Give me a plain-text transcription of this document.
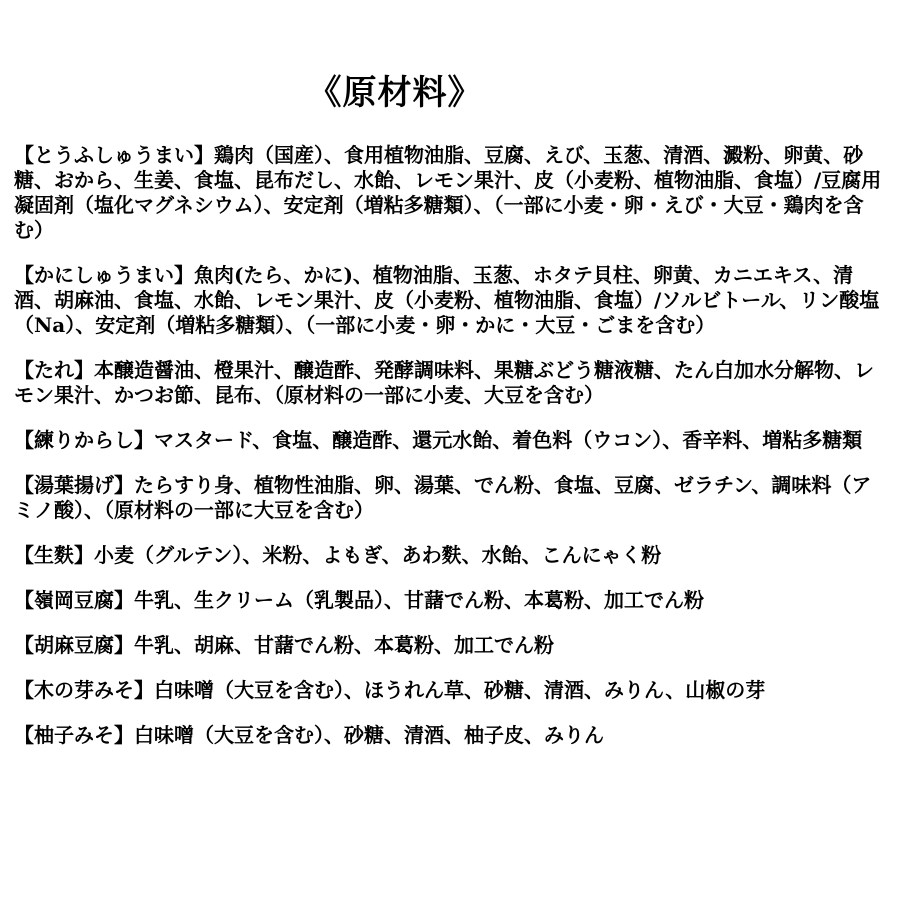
《原材料》
【とうふしゅうまい】鶏肉（国産）、食用植物油脂、豆腐、えび、玉葱、清酒、澱粉、卵黄、砂糖、おから、生姜、食塩、昆布だし、水飴、レモン果汁、皮（小麦粉、植物油脂、食塩）/豆腐用凝固剤（塩化マグネシウム）、安定剤（増粘多糖類）、（一部に小麦・卵・えび・大豆・鶏肉を含む）
【かにしゅうまい】魚肉(たら、かに)、植物油脂、玉葱、ホタテ貝柱、卵黄、カニエキス、清酒、胡麻油、食塩、水飴、レモン果汁、皮（小麦粉、植物油脂、食塩）/ソルビトール、リン酸塩（Na）、安定剤（増粘多糖類）、（一部に小麦・卵・かに・大豆・ごまを含む）
【たれ】本醸造醤油、橙果汁、醸造酢、発酵調味料、果糖ぶどう糖液糖、たん白加水分解物、レモン果汁、かつお節、昆布、（原材料の一部に小麦、大豆を含む）
【練りからし】マスタード、食塩、醸造酢、還元水飴、着色料（ウコン）、香辛料、増粘多糖類
【湯葉揚げ】たらすり身、植物性油脂、卵、湯葉、でん粉、食塩、豆腐、ゼラチン、調味料（アミノ酸）、（原材料の一部に大豆を含む）
【生麩】小麦（グルテン）、米粉、よもぎ、あわ麩、水飴、こんにゃく粉
【嶺岡豆腐】牛乳、生クリーム（乳製品）、甘藷でん粉、本葛粉、加工でん粉
【胡麻豆腐】牛乳、胡麻、甘藷でん粉、本葛粉、加工でん粉
【木の芽みそ】白味噌（大豆を含む）、ほうれん草、砂糖、清酒、みりん、山椒の芽
【柚子みそ】白味噌（大豆を含む）、砂糖、清酒、柚子皮、みりん
